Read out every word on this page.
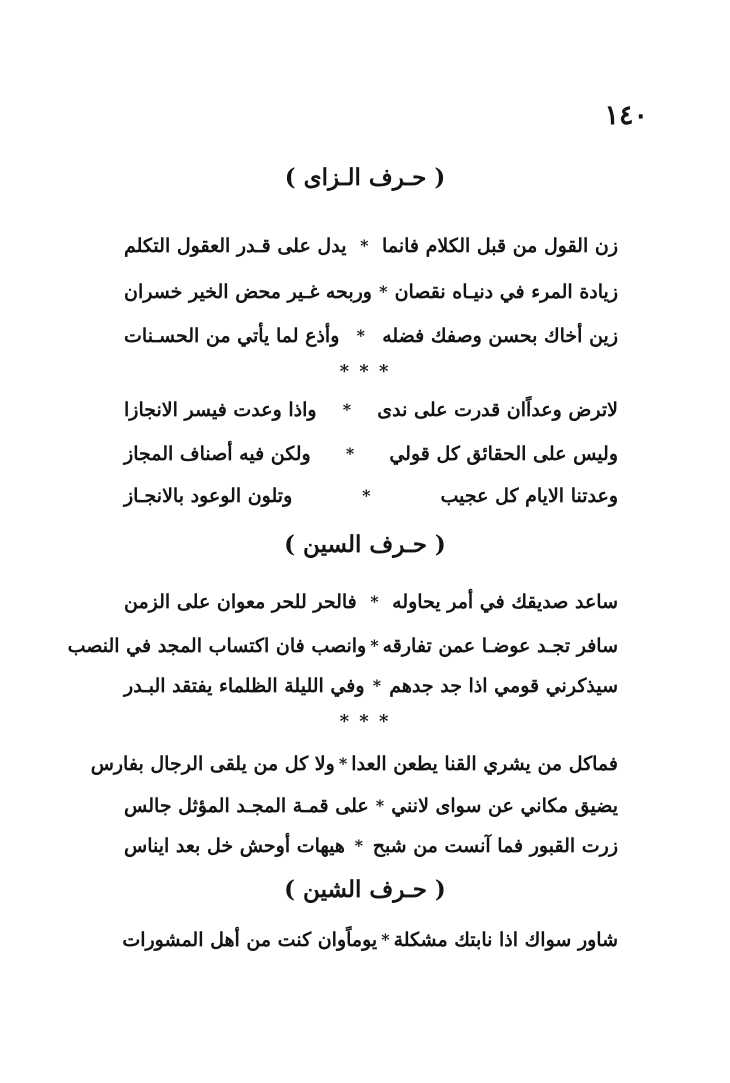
١٤٠
( حـرف الـزاى )
زن القول من قبل الكلام فانما
*
يدل على قـدر العقول التكلم
زيادة المرء في دنيـاه نقصان
*
وربحه غـير محض الخير خسران
زين أخاك بحسن وصفك فضله
*
وأذع لما يأتي من الحسـنات
* * *
لاترض وعداًان قدرت على ندى
*
واذا وعدت فيسر الانجازا
وليس على الحقائق كل قولي
*
ولكن فيه أصناف المجاز
وعدتنا الايام كل عجيب
*
وتلون الوعود بالانجـاز
( حـرف السين )
ساعد صديقك في أمر يحاوله
*
فالحر للحر معوان على الزمن
سافر تجـد عوضـا عمن تفارقه
*
وانصب فان اكتساب المجد في النصب
سيذكرني قومي اذا جد جدهم
*
وفي الليلة الظلماء يفتقد البـدر
* * *
فماكل من يشري القنا يطعن العدا
*
ولا كل من يلقى الرجال بفارس
يضيق مكاني عن سواى لانني
*
على قمـة المجـد المؤثل جالس
زرت القبور فما آنست من شبح
*
هيهات أوحش خل بعد ايناس
( حـرف الشين )
شاور سواك اذا نابتك مشكلة
*
يوماًوان كنت من أهل المشورات
